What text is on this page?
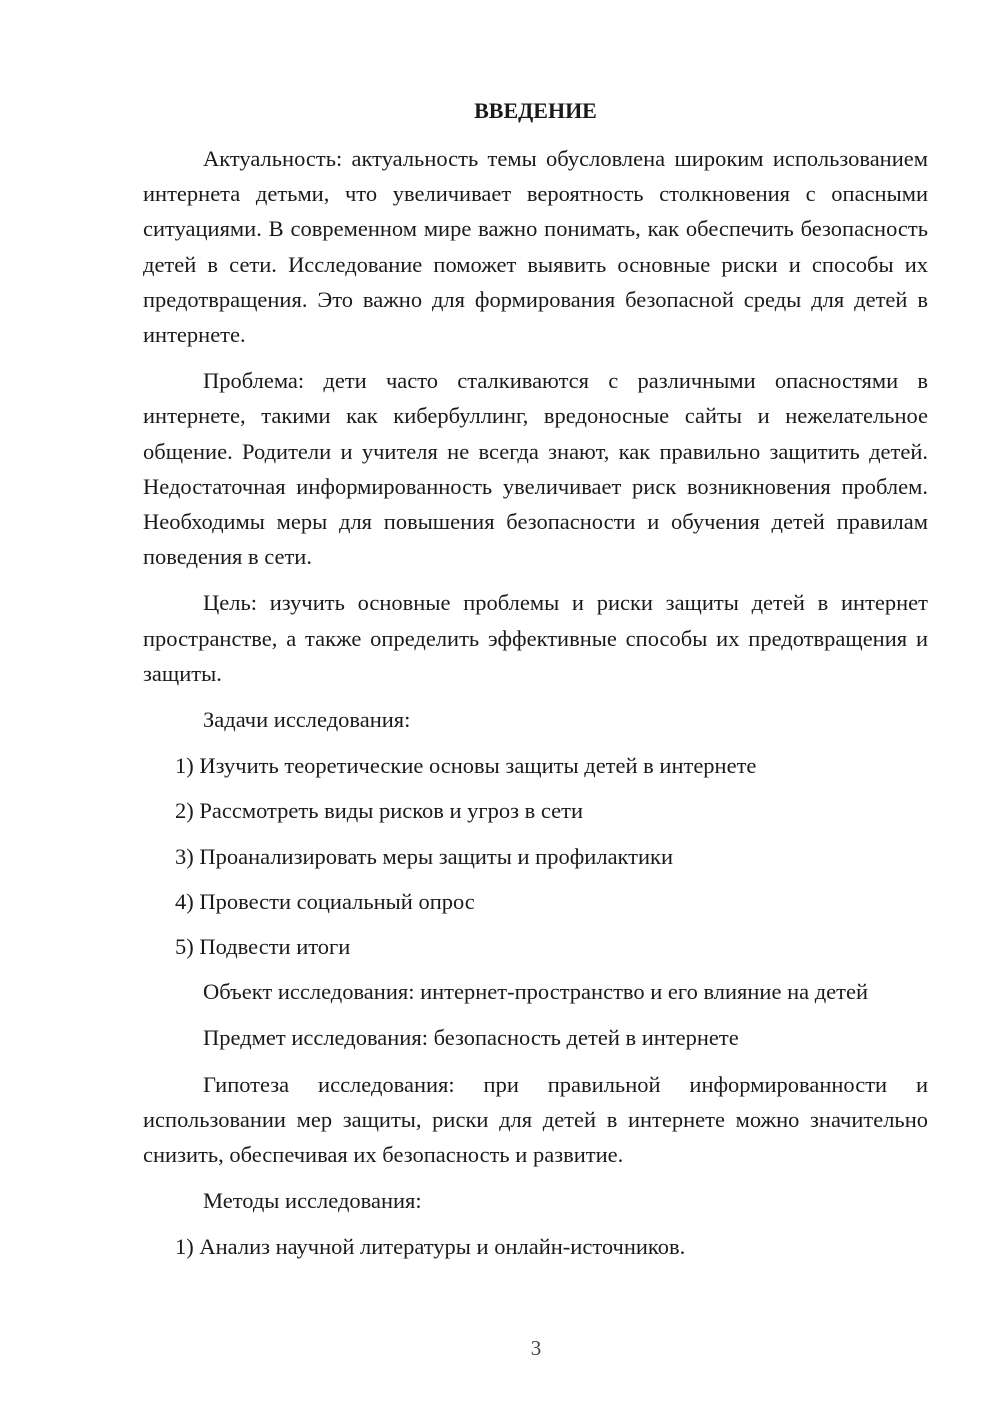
ВВЕДЕНИЕ

Актуальность: актуальность темы обусловлена широким использованием интернета детьми, что увеличивает вероятность столкновения с опасными ситуациями. В современном мире важно понимать, как обеспечить безопасность детей в сети. Исследование поможет выявить основные риски и способы их предотвращения. Это важно для формирования безопасной среды для детей в интернете.

Проблема: дети часто сталкиваются с различными опасностями в интернете, такими как кибербуллинг, вредоносные сайты и нежелательное общение. Родители и учителя не всегда знают, как правильно защитить детей. Недостаточная информированность увеличивает риск возникновения проблем. Необходимы меры для повышения безопасности и обучения детей правилам поведения в сети.

Цель: изучить основные проблемы и риски защиты детей в интернет пространстве, а также определить эффективные способы их предотвращения и защиты.

Задачи исследования:

1) Изучить теоретические основы защиты детей в интернете
2) Рассмотреть виды рисков и угроз в сети
3) Проанализировать меры защиты и профилактики
4) Провести социальный опрос
5) Подвести итоги

Объект исследования: интернет-пространство и его влияние на детей

Предмет исследования: безопасность детей в интернете

Гипотеза исследования: при правильной информированности и использовании мер защиты, риски для детей в интернете можно значительно снизить, обеспечивая их безопасность и развитие.

Методы исследования:

1) Анализ научной литературы и онлайн-источников.
3
